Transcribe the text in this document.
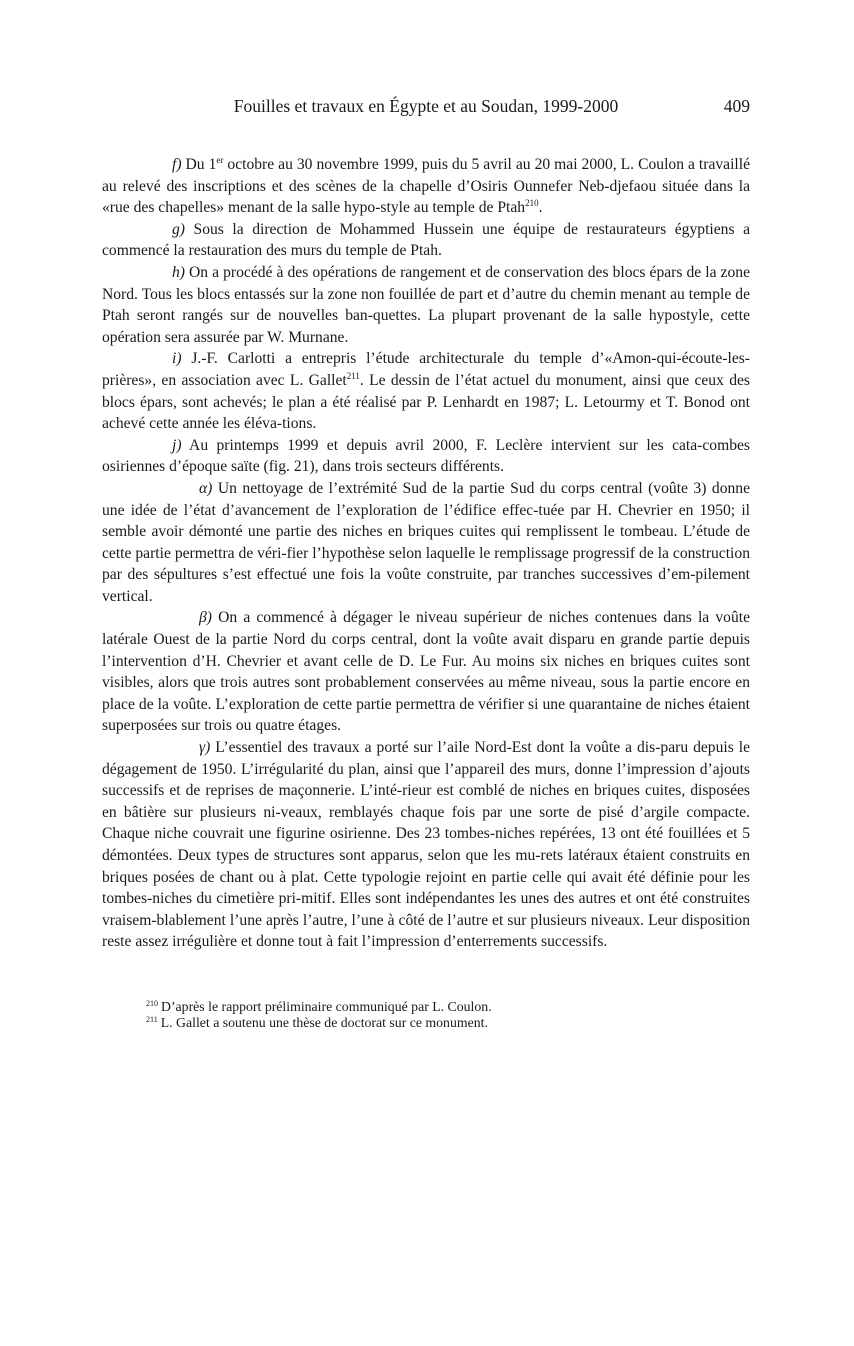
Fouilles et travaux en Égypte et au Soudan, 1999-2000	409

f) Du 1er octobre au 30 novembre 1999, puis du 5 avril au 20 mai 2000, L. Coulon a travaillé au relevé des inscriptions et des scènes de la chapelle d’Osiris Ounnefer Neb-djefaou située dans la «rue des chapelles» menant de la salle hypo-style au temple de Ptah$^{210}$.

g) Sous la direction de Mohammed Hussein une équipe de restaurateurs égyptiens a commencé la restauration des murs du temple de Ptah.

h) On a procédé à des opérations de rangement et de conservation des blocs épars de la zone Nord. Tous les blocs entassés sur la zone non fouillée de part et d’autre du chemin menant au temple de Ptah seront rangés sur de nouvelles ban-quettes. La plupart provenant de la salle hypostyle, cette opération sera assurée par W. Murnane.

i) J.-F. Carlotti a entrepris l’étude architecturale du temple d’«Amon-qui-écoute-les-prières», en association avec L. Gallet$^{211}$. Le dessin de l’état actuel du monument, ainsi que ceux des blocs épars, sont achevés; le plan a été réalisé par P. Lenhardt en 1987; L. Letourmy et T. Bonod ont achevé cette année les éléva-tions.

j) Au printemps 1999 et depuis avril 2000, F. Leclère intervient sur les cata-combes osiriennes d’époque saïte (fig. 21), dans trois secteurs différents.

α) Un nettoyage de l’extrémité Sud de la partie Sud du corps central (voûte 3) donne une idée de l’état d’avancement de l’exploration de l’édifice effec-tuée par H. Chevrier en 1950; il semble avoir démonté une partie des niches en briques cuites qui remplissent le tombeau. L’étude de cette partie permettra de véri-fier l’hypothèse selon laquelle le remplissage progressif de la construction par des sépultures s’est effectué une fois la voûte construite, par tranches successives d’em-pilement vertical.

β) On a commencé à dégager le niveau supérieur de niches contenues dans la voûte latérale Ouest de la partie Nord du corps central, dont la voûte avait disparu en grande partie depuis l’intervention d’H. Chevrier et avant celle de D. Le Fur. Au moins six niches en briques cuites sont visibles, alors que trois autres sont probablement conservées au même niveau, sous la partie encore en place de la voûte. L’exploration de cette partie permettra de vérifier si une quarantaine de niches étaient superposées sur trois ou quatre étages.

γ) L’essentiel des travaux a porté sur l’aile Nord-Est dont la voûte a dis-paru depuis le dégagement de 1950. L’irrégularité du plan, ainsi que l’appareil des murs, donne l’impression d’ajouts successifs et de reprises de maçonnerie. L’inté-rieur est comblé de niches en briques cuites, disposées en bâtière sur plusieurs ni-veaux, remblayés chaque fois par une sorte de pisé d’argile compacte. Chaque niche couvrait une figurine osirienne. Des 23 tombes-niches repérées, 13 ont été fouillées et 5 démontées. Deux types de structures sont apparus, selon que les mu-rets latéraux étaient construits en briques posées de chant ou à plat. Cette typologie rejoint en partie celle qui avait été définie pour les tombes-niches du cimetière pri-mitif. Elles sont indépendantes les unes des autres et ont été construites vraisem-blablement l’une après l’autre, l’une à côté de l’autre et sur plusieurs niveaux. Leur disposition reste assez irrégulière et donne tout à fait l’impression d’enterrements successifs.

$^{210}$ D’après le rapport préliminaire communiqué par L. Coulon.

$^{211}$ L. Gallet a soutenu une thèse de doctorat sur ce monument.
